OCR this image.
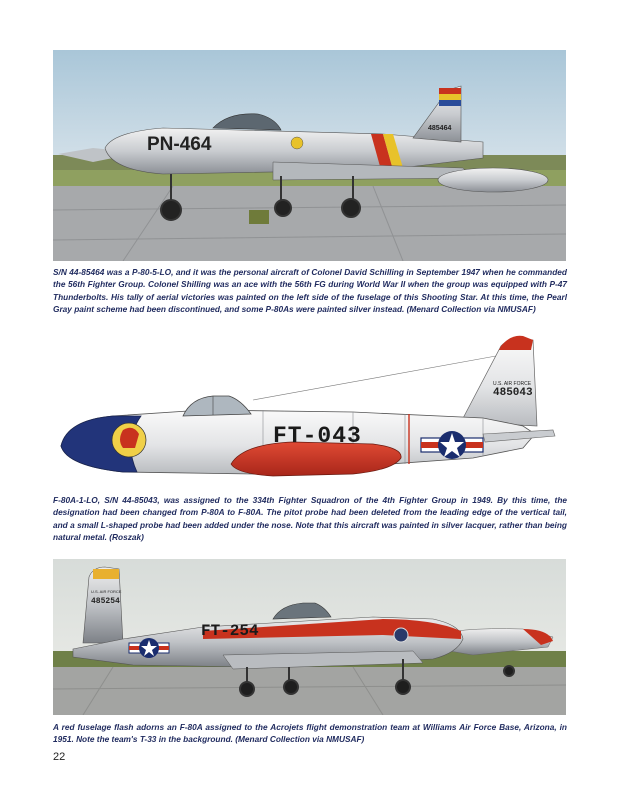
PN-464
485464

S/N 44-85464 was a P-80-5-LO, and it was the personal aircraft of Colonel David Schilling in September 1947 when he commanded the 56th Fighter Group. Colonel Shilling was an ace with the 56th FG during World War II when the group was equipped with P-47 Thunderbolts. His tally of aerial victories was painted on the left side of the fuselage of this Shooting Star. At this time, the Pearl Gray paint scheme had been discontinued, and some P-80As were painted silver instead. (Menard Collection via NMUSAF)

FT-043
U.S. AIR FORCE
485043

F-80A-1-LO, S/N 44-85043, was assigned to the 334th Fighter Squadron of the 4th Fighter Group in 1949. By this time, the designation had been changed from P-80A to F-80A. The pitot probe had been deleted from the leading edge of the vertical tail, and a small L-shaped probe had been added under the nose. Note that this aircraft was painted in silver lacquer, rather than being natural metal. (Roszak)

FT-254
U.S. AIR FORCE
485254

A red fuselage flash adorns an F-80A assigned to the Acrojets flight demonstration team at Williams Air Force Base, Arizona, in 1951. Note the team's T-33 in the background. (Menard Collection via NMUSAF)

22
